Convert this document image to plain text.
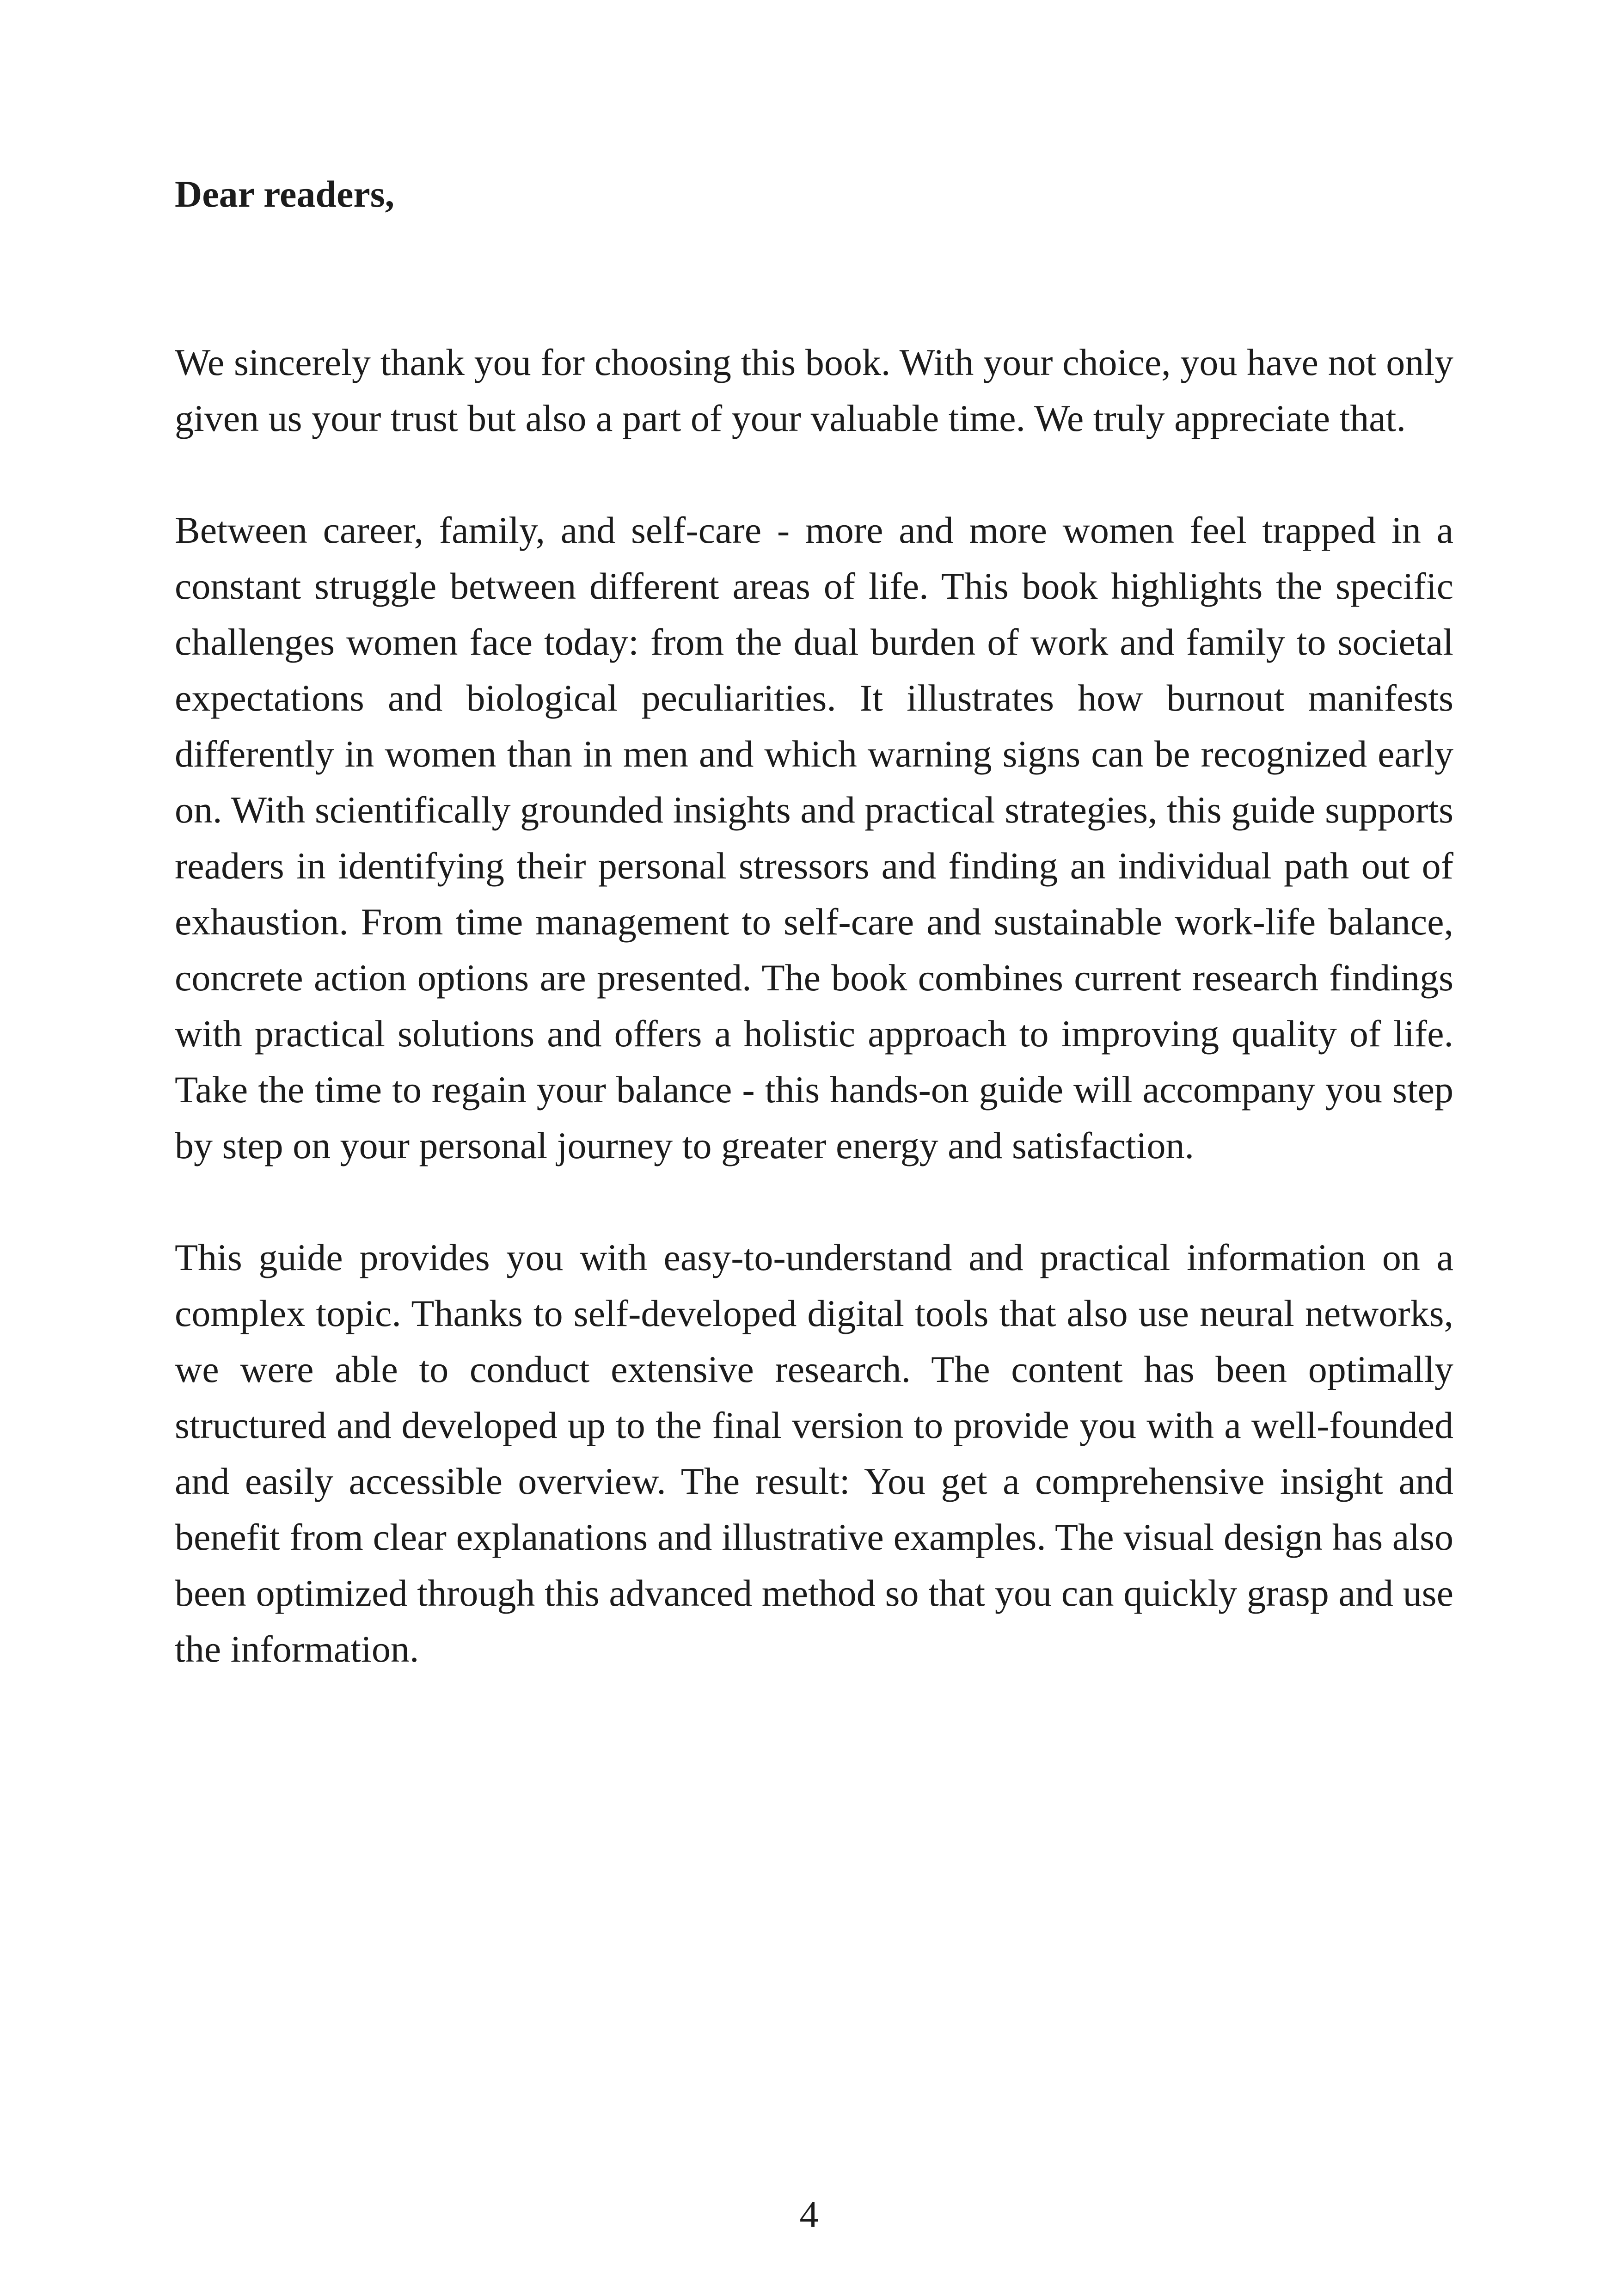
Dear readers,

We sincerely thank you for choosing this book. With your choice, you have not only given us your trust but also a part of your valuable time. We truly appreciate that.

Between career, family, and self-care - more and more women feel trapped in a constant struggle between different areas of life. This book highlights the specific challenges women face today: from the dual burden of work and family to societal expectations and biological peculiarities. It illustrates how burnout manifests differently in women than in men and which warning signs can be recognized early on. With scientifically grounded insights and practical strategies, this guide supports readers in identifying their personal stressors and finding an individual path out of exhaustion. From time management to self-care and sustainable work-life balance, concrete action options are presented. The book combines current research findings with practical solutions and offers a holistic approach to improving quality of life. Take the time to regain your balance - this hands-on guide will accompany you step by step on your personal journey to greater energy and satisfaction.

This guide provides you with easy-to-understand and practical information on a complex topic. Thanks to self-developed digital tools that also use neural networks, we were able to conduct extensive research. The content has been optimally structured and developed up to the final version to provide you with a well-founded and easily accessible overview. The result: You get a comprehensive insight and benefit from clear explanations and illustrative examples. The visual design has also been optimized through this advanced method so that you can quickly grasp and use the information.

4
